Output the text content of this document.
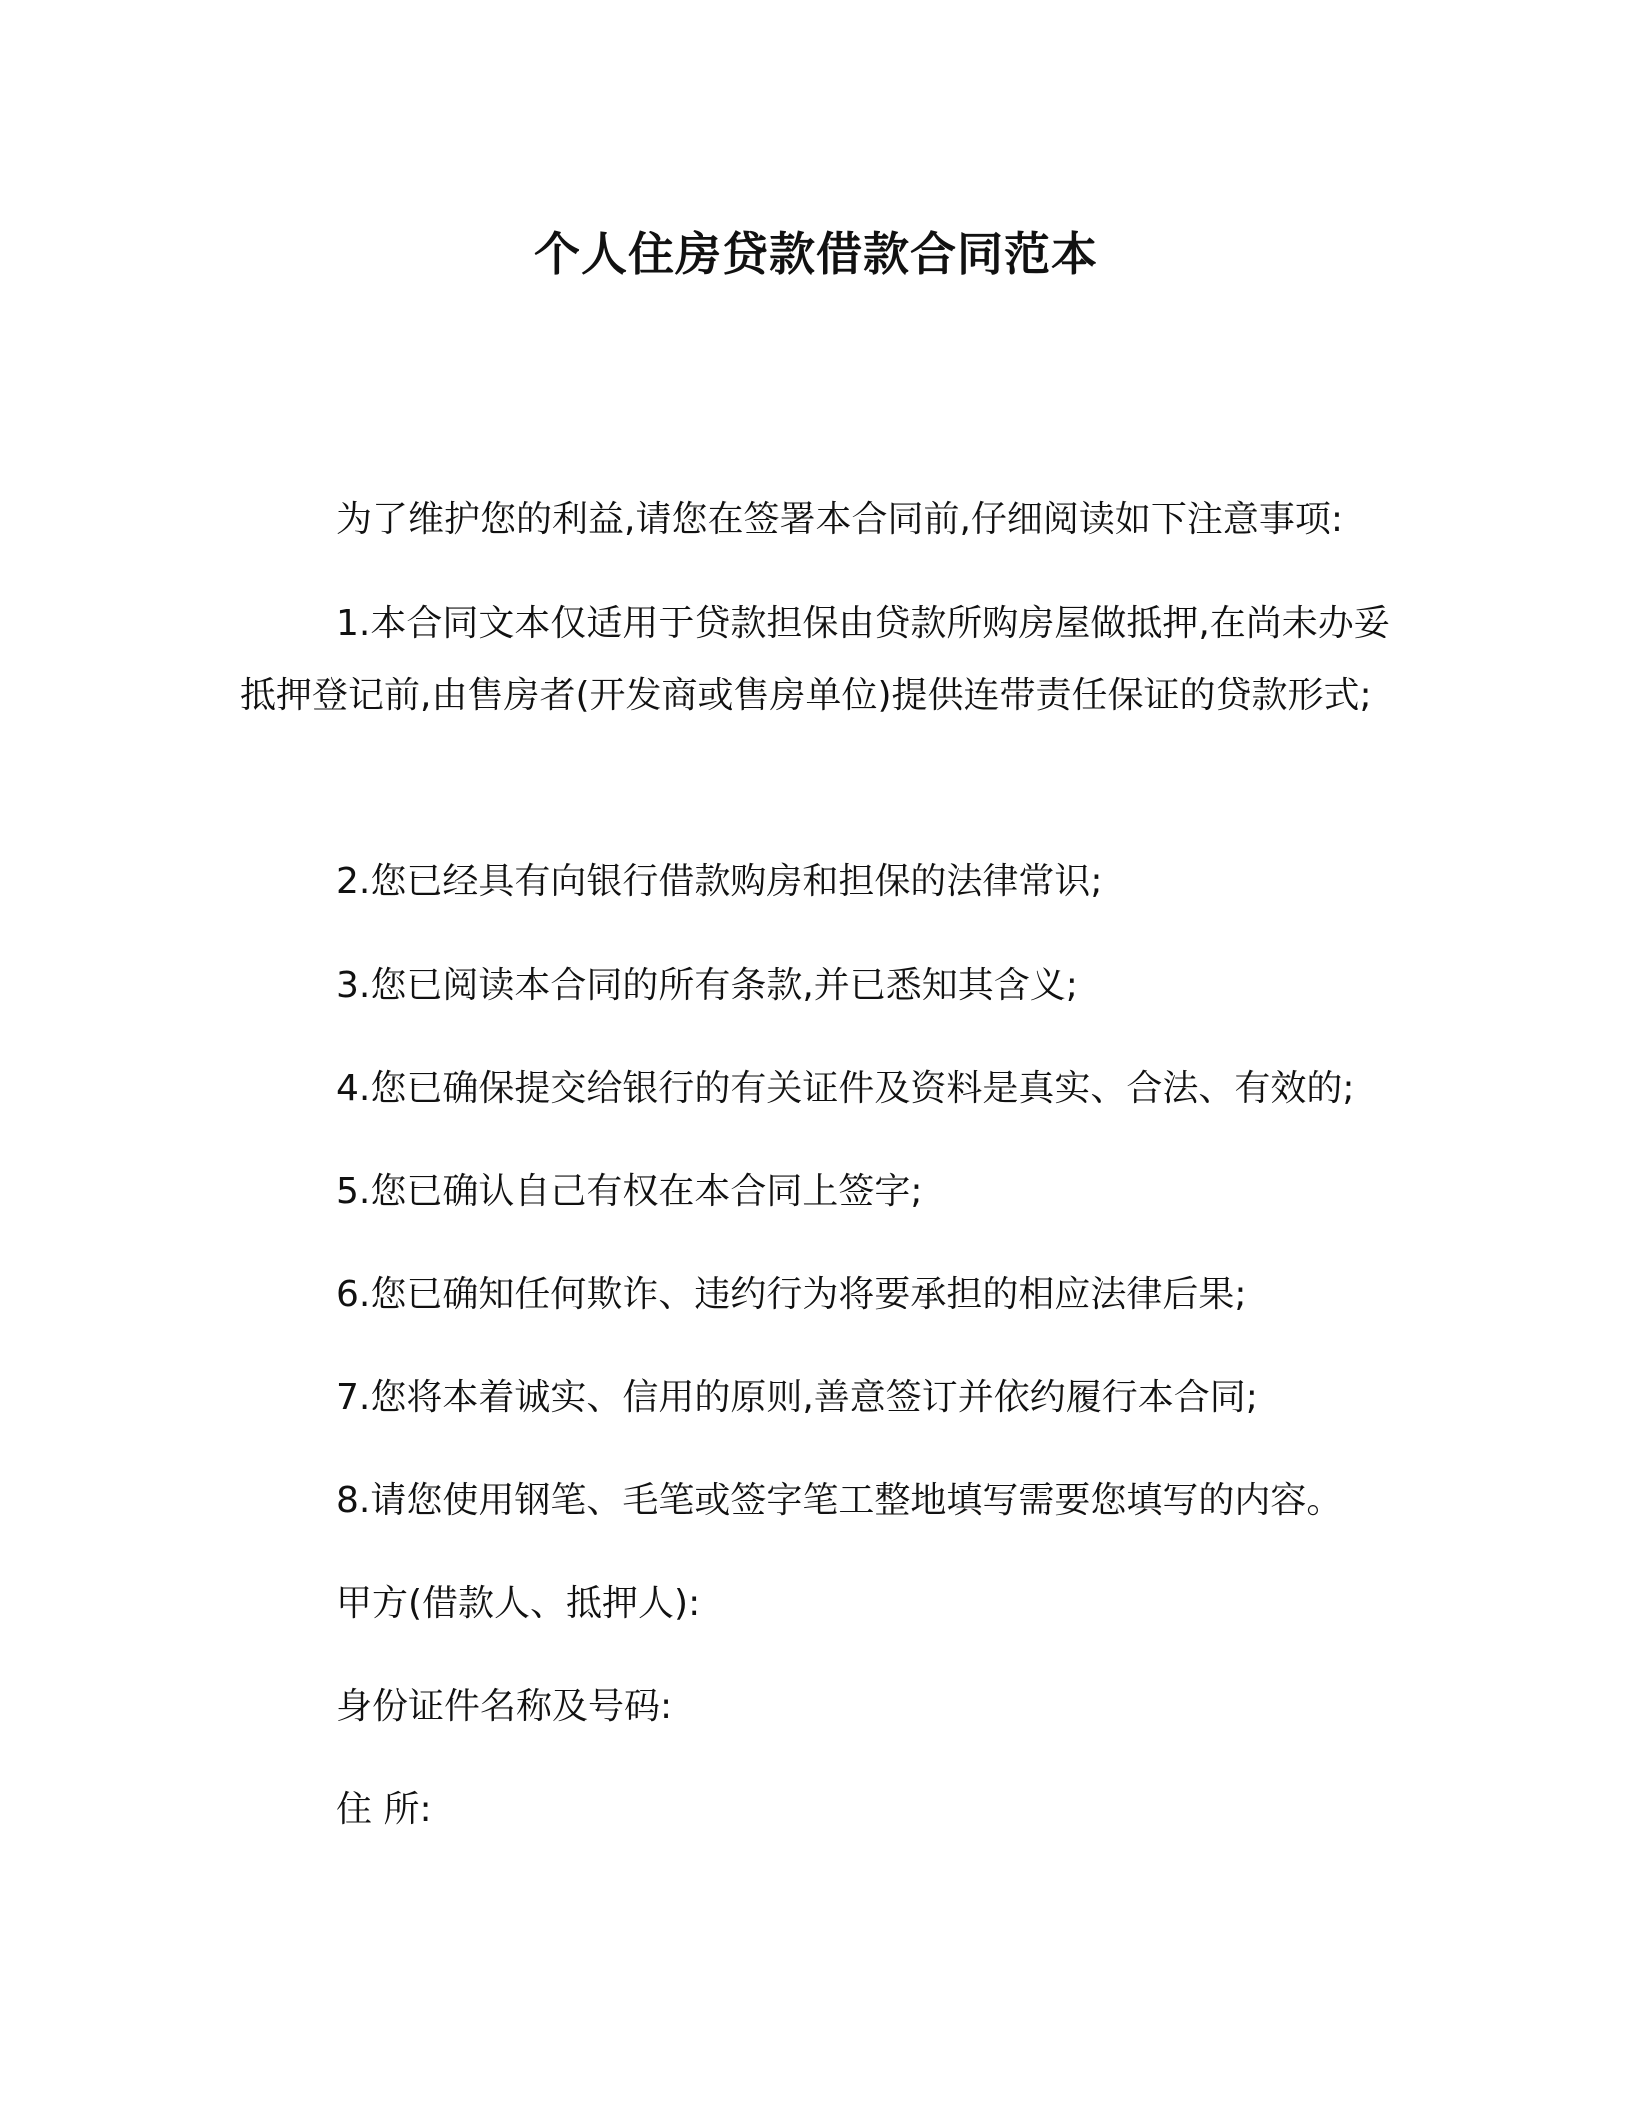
个人住房贷款借款合同范本
为了维护您的利益,请您在签署本合同前,仔细阅读如下注意事项:
1.本合同文本仅适用于贷款担保由贷款所购房屋做抵押,在尚未办妥抵押登记前,由售房者(开发商或售房单位)提供连带责任保证的贷款形式;
2.您已经具有向银行借款购房和担保的法律常识;
3.您已阅读本合同的所有条款,并已悉知其含义;
4.您已确保提交给银行的有关证件及资料是真实、合法、有效的;
5.您已确认自己有权在本合同上签字;
6.您已确知任何欺诈、违约行为将要承担的相应法律后果;
7.您将本着诚实、信用的原则,善意签订并依约履行本合同;
8.请您使用钢笔、毛笔或签字笔工整地填写需要您填写的内容。
甲方(借款人、抵押人):
身份证件名称及号码:
住 所:
